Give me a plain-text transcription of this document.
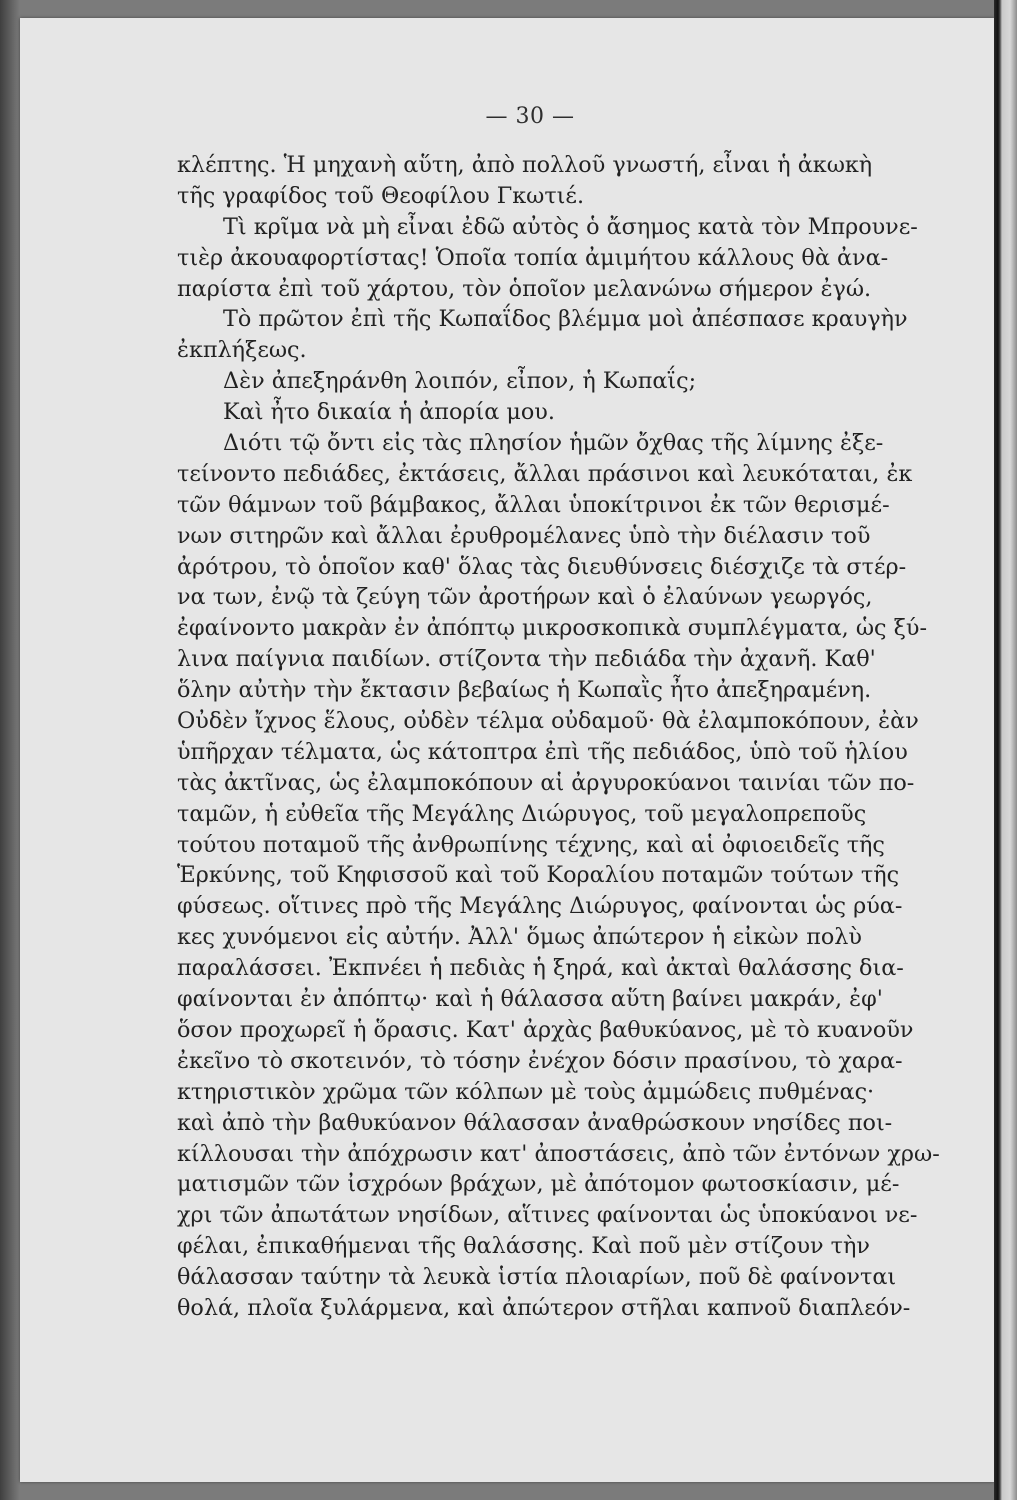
— 30 —
κλέπτης. Ἡ μηχανὴ αὕτη, ἀπὸ πολλοῦ γνωστή, εἶναι ἡ ἀκωκὴ
τῆς γραφίδος τοῦ Θεοφίλου Γκωτιέ.
Τὶ κρῖμα νὰ μὴ εἶναι ἐδῶ αὐτὸς ὁ ἄσημος κατὰ τὸν Μπρουνε-
τιὲρ ἀκουαφορτίστας! Ὁποῖα τοπία ἀμιμήτου κάλλους θὰ ἀνα-
παρίστα ἐπὶ τοῦ χάρτου, τὸν ὁποῖον μελανώνω σήμερον ἐγώ.
Τὸ πρῶτον ἐπὶ τῆς Κωπαΐδος βλέμμα μοὶ ἀπέσπασε κραυγὴν
ἐκπλήξεως.
Δὲν ἀπεξηράνθη λοιπόν, εἶπον, ἡ Κωπαΐς;
Καὶ ἦτο δικαία ἡ ἀπορία μου.
Διότι τῷ ὄντι εἰς τὰς πλησίον ἡμῶν ὄχθας τῆς λίμνης ἐξε-
τείνοντο πεδιάδες, ἐκτάσεις, ἄλλαι πράσινοι καὶ λευκόταται, ἐκ
τῶν θάμνων τοῦ βάμβακος, ἄλλαι ὑποκίτρινοι ἐκ τῶν θερισμέ-
νων σιτηρῶν καὶ ἄλλαι ἐρυθρομέλανες ὑπὸ τὴν διέλασιν τοῦ
ἀρότρου, τὸ ὁποῖον καθ' ὅλας τὰς διευθύνσεις διέσχιζε τὰ στέρ-
να των, ἐνῷ τὰ ζεύγη τῶν ἀροτήρων καὶ ὁ ἐλαύνων γεωργός,
ἐφαίνοντο μακρὰν ἐν ἀπόπτῳ μικροσκοπικὰ συμπλέγματα, ὡς ξύ-
λινα παίγνια παιδίων. στίζοντα τὴν πεδιάδα τὴν ἀχανῆ. Καθ'
ὅλην αὐτὴν τὴν ἔκτασιν βεβαίως ἡ Κωπαῒς ἦτο ἀπεξηραμένη.
Οὐδὲν ἴχνος ἕλους, οὐδὲν τέλμα οὐδαμοῦ· θὰ ἐλαμποκόπουν, ἐὰν
ὑπῆρχαν τέλματα, ὡς κάτοπτρα ἐπὶ τῆς πεδιάδος, ὑπὸ τοῦ ἡλίου
τὰς ἀκτῖνας, ὡς ἐλαμποκόπουν αἱ ἀργυροκύανοι ταινίαι τῶν πο-
ταμῶν, ἡ εὐθεῖα τῆς Μεγάλης Διώρυγος, τοῦ μεγαλοπρεποῦς
τούτου ποταμοῦ τῆς ἀνθρωπίνης τέχνης, καὶ αἱ ὀφιοειδεῖς τῆς
Ἑρκύνης, τοῦ Κηφισσοῦ καὶ τοῦ Κοραλίου ποταμῶν τούτων τῆς
φύσεως. οἵτινες πρὸ τῆς Μεγάλης Διώρυγος, φαίνονται ὡς ρύα-
κες χυνόμενοι εἰς αὐτήν. Ἀλλ' ὅμως ἀπώτερον ἡ εἰκὼν πολὺ
παραλάσσει. Ἐκπνέει ἡ πεδιὰς ἡ ξηρά, καὶ ἀκταὶ θαλάσσης δια-
φαίνονται ἐν ἀπόπτῳ· καὶ ἡ θάλασσα αὕτη βαίνει μακράν, ἐφ'
ὅσον προχωρεῖ ἡ ὅρασις. Κατ' ἀρχὰς βαθυκύανος, μὲ τὸ κυανοῦν
ἐκεῖνο τὸ σκοτεινόν, τὸ τόσην ἐνέχον δόσιν πρασίνου, τὸ χαρα-
κτηριστικὸν χρῶμα τῶν κόλπων μὲ τοὺς ἀμμώδεις πυθμένας·
καὶ ἀπὸ τὴν βαθυκύανον θάλασσαν ἀναθρώσκουν νησίδες ποι-
κίλλουσαι τὴν ἀπόχρωσιν κατ' ἀποστάσεις, ἀπὸ τῶν ἐντόνων χρω-
ματισμῶν τῶν ἰσχρόων βράχων, μὲ ἀπότομον φωτοσκίασιν, μέ-
χρι τῶν ἀπωτάτων νησίδων, αἵτινες φαίνονται ὡς ὑποκύανοι νε-
φέλαι, ἐπικαθήμεναι τῆς θαλάσσης. Καὶ ποῦ μὲν στίζουν τὴν
θάλασσαν ταύτην τὰ λευκὰ ἱστία πλοιαρίων, ποῦ δὲ φαίνονται
θολά, πλοῖα ξυλάρμενα, καὶ ἀπώτερον στῆλαι καπνοῦ διαπλεόν-
